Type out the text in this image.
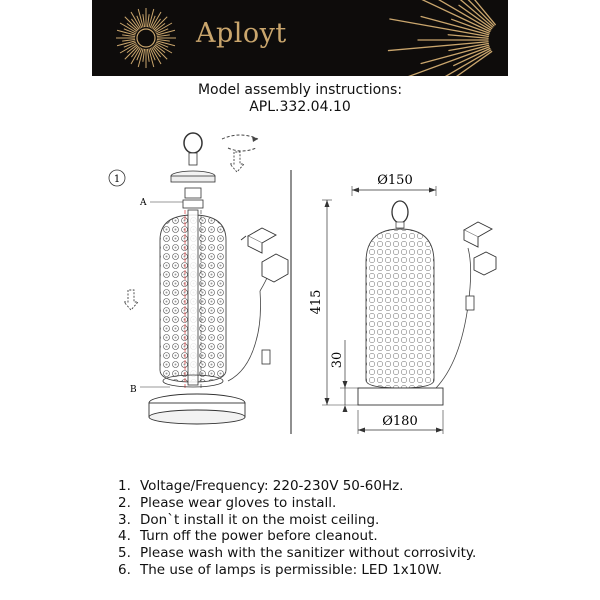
Aployt
Model assembly instructions:
APL.332.04.10
1
A
B
Ø150
415
30
Ø180
1. Voltage/Frequency: 220-230V 50-60Hz.
2. Please wear gloves to install.
3. Don`t install it on the moist ceiling.
4. Turn off the power before cleanout.
5. Please wash with the sanitizer without corrosivity.
6. The use of lamps is permissible: LED 1x10W.
